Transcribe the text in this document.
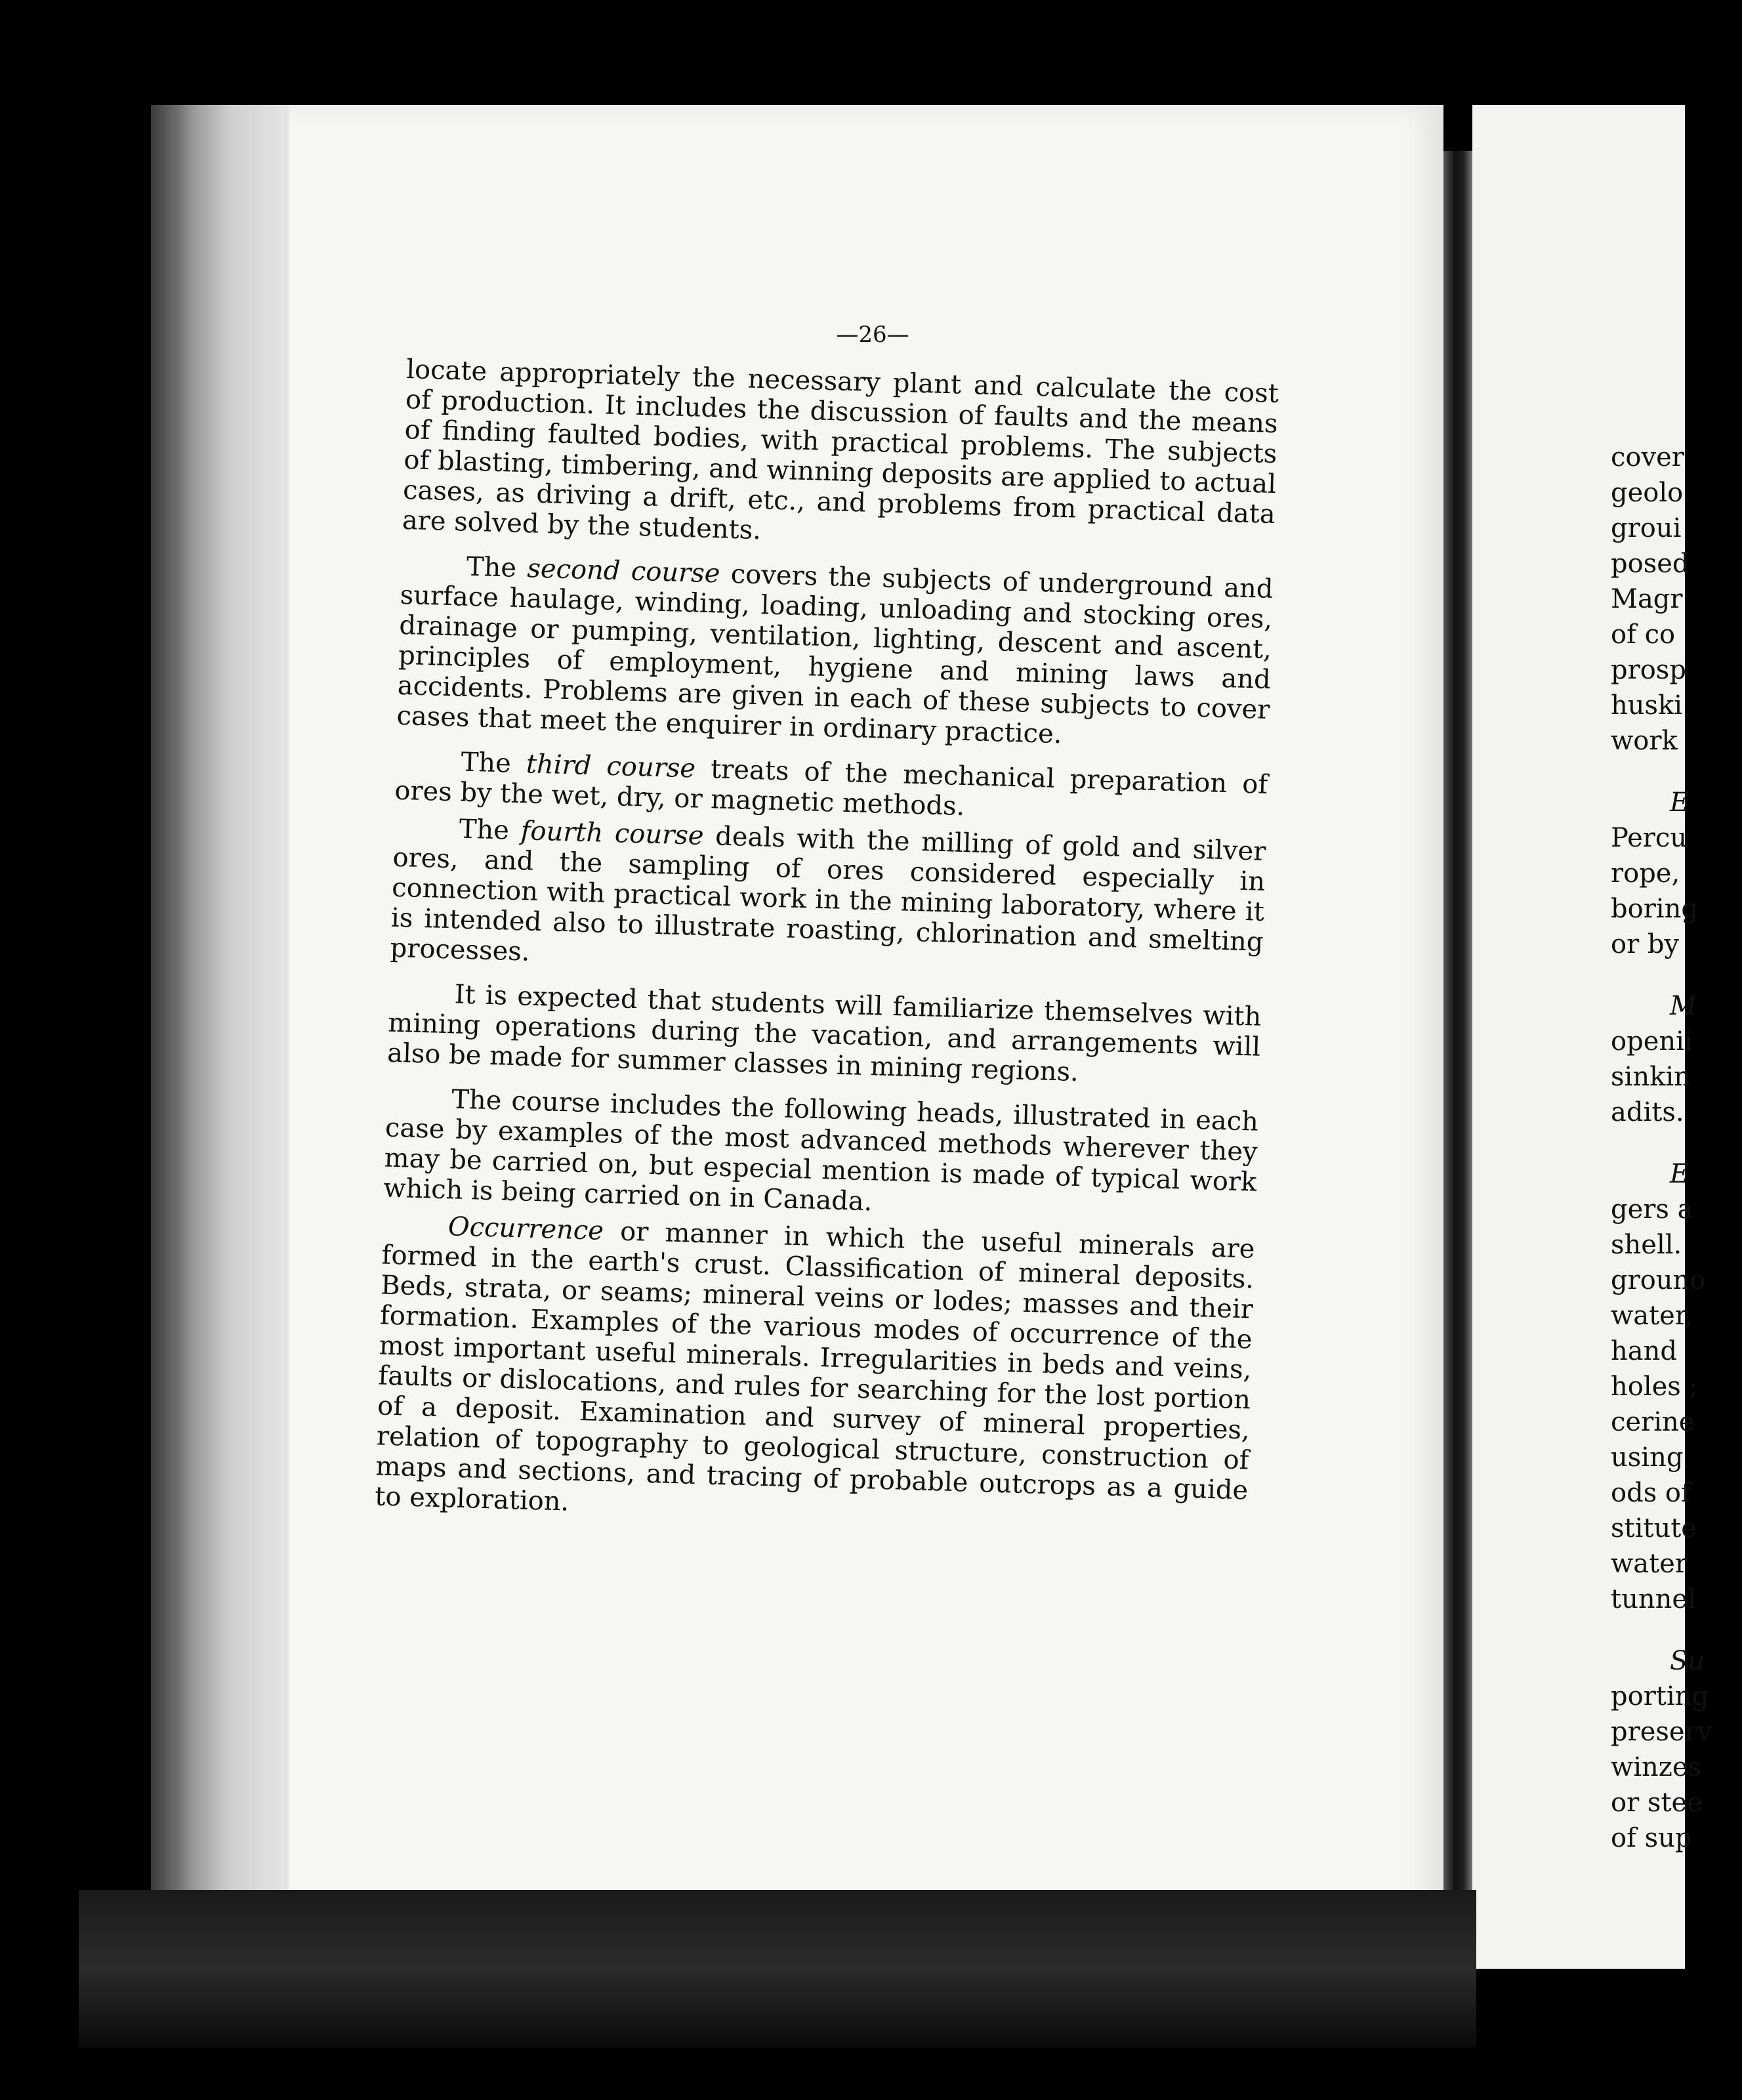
—26—

locate appropriately the necessary plant and calculate the cost of production. It includes the discussion of faults and the means of finding faulted bodies, with practical problems. The subjects of blasting, timbering, and winning deposits are applied to actual cases, as driving a drift, etc., and problems from practical data are solved by the students.

The second course covers the subjects of underground and surface haulage, winding, loading, unloading and stocking ores, drainage or pumping, ventilation, lighting, descent and ascent, principles of employment, hygiene and mining laws and accidents. Problems are given in each of these subjects to cover cases that meet the enquirer in ordinary practice.

The third course treats of the mechanical preparation of ores by the wet, dry, or magnetic methods.

The fourth course deals with the milling of gold and silver ores, and the sampling of ores considered especially in connection with practical work in the mining laboratory, where it is intended also to illustrate roasting, chlorination and smelting processes.

It is expected that students will familiarize themselves with mining operations during the vacation, and arrangements will also be made for summer classes in mining regions.

The course includes the following heads, illustrated in each case by examples of the most advanced methods wherever they may be carried on, but especial mention is made of typical work which is being carried on in Canada.

Occurrence or manner in which the useful minerals are formed in the earth's crust. Classification of mineral deposits. Beds, strata, or seams; mineral veins or lodes; masses and their formation. Examples of the various modes of occurrence of the most important useful minerals. Irregularities in beds and veins, faults or dislocations, and rules for searching for the lost portion of a deposit. Examination and survey of mineral properties, relation of topography to geological structure, construction of maps and sections, and tracing of probable outcrops as a guide to exploration.

cover
geolo
groui
posed
Magr
of co
prosp
huski
work
E
Percu
rope,
boring
or by
M
openii
sinkin
adits.
E
gers a
shell.
grouno
water,
hand
holes ;
cerine
using
ods of
stitute
water
tunnel
Su
porting
preserv
winzes
or stee
of sup
